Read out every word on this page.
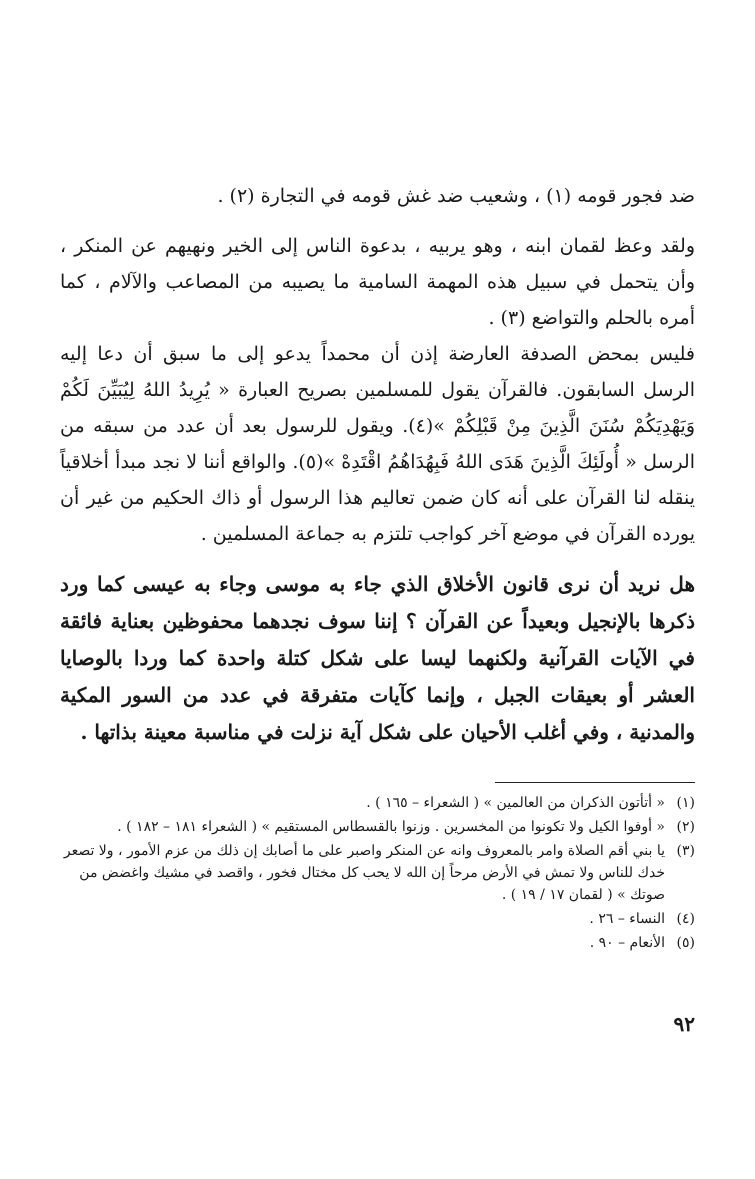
ضد فجور قومه (١) ، وشعيب ضد غش قومه في التجارة (٢) .

ولقد وعظ لقمان ابنه ، وهو يربيه ، بدعوة الناس إلى الخير ونهيهم عن المنكر ، وأن يتحمل في سبيل هذه المهمة السامية ما يصيبه من المصاعب والآلام ، كما أمره بالحلم والتواضع (٣) .

فليس بمحض الصدفة العارضة إذن أن محمداً يدعو إلى ما سبق أن دعا إليه الرسل السابقون. فالقرآن يقول للمسلمين بصريح العبارة « يُرِيدُ اللهُ لِيُبَيِّنَ لَكُمْ وَيَهْدِيَكُمْ سُنَنَ الَّذِينَ مِنْ قَبْلِكُمْ »(٤). ويقول للرسول بعد أن عدد من سبقه من الرسل « أُولَئِكَ الَّذِينَ هَدَى اللهُ فَبِهُدَاهُمُ اقْتَدِهْ »(٥). والواقع أننا لا نجد مبدأ أخلاقياً ينقله لنا القرآن على أنه كان ضمن تعاليم هذا الرسول أو ذاك الحكيم من غير أن يورده القرآن في موضع آخر كواجب تلتزم به جماعة المسلمين .

هل نريد أن نرى قانون الأخلاق الذي جاء به موسى وجاء به عيسى كما ورد ذكرها بالإنجيل وبعيداً عن القرآن ؟ إننا سوف نجدهما محفوظين بعناية فائقة في الآيات القرآنية ولكنهما ليسا على شكل كتلة واحدة كما وردا بالوصايا العشر أو بعيقات الجبل ، وإنما كآيات متفرقة في عدد من السور المكية والمدنية ، وفي أغلب الأحيان على شكل آية نزلت في مناسبة معينة بذاتها .

(١)
« أتأتون الذكران من العالمين » ( الشعراء – ١٦٥ ) .
(٢)
« أوفوا الكيل ولا تكونوا من المخسرين . وزنوا بالقسطاس المستقيم » ( الشعراء ١٨١ – ١٨٢ ) .
(٣)
يا بني أقم الصلاة وامر بالمعروف وانه عن المنكر واصبر على ما أصابك إن ذلك من عزم الأمور ، ولا تصعر خدك للناس ولا تمش في الأرض مرحاً إن الله لا يحب كل مختال فخور ، واقصد في مشيك واغضض من صوتك » ( لقمان ١٧ / ١٩ ) .
(٤)
النساء – ٢٦ .
(٥)
الأنعام – ٩٠ .
٩٢
